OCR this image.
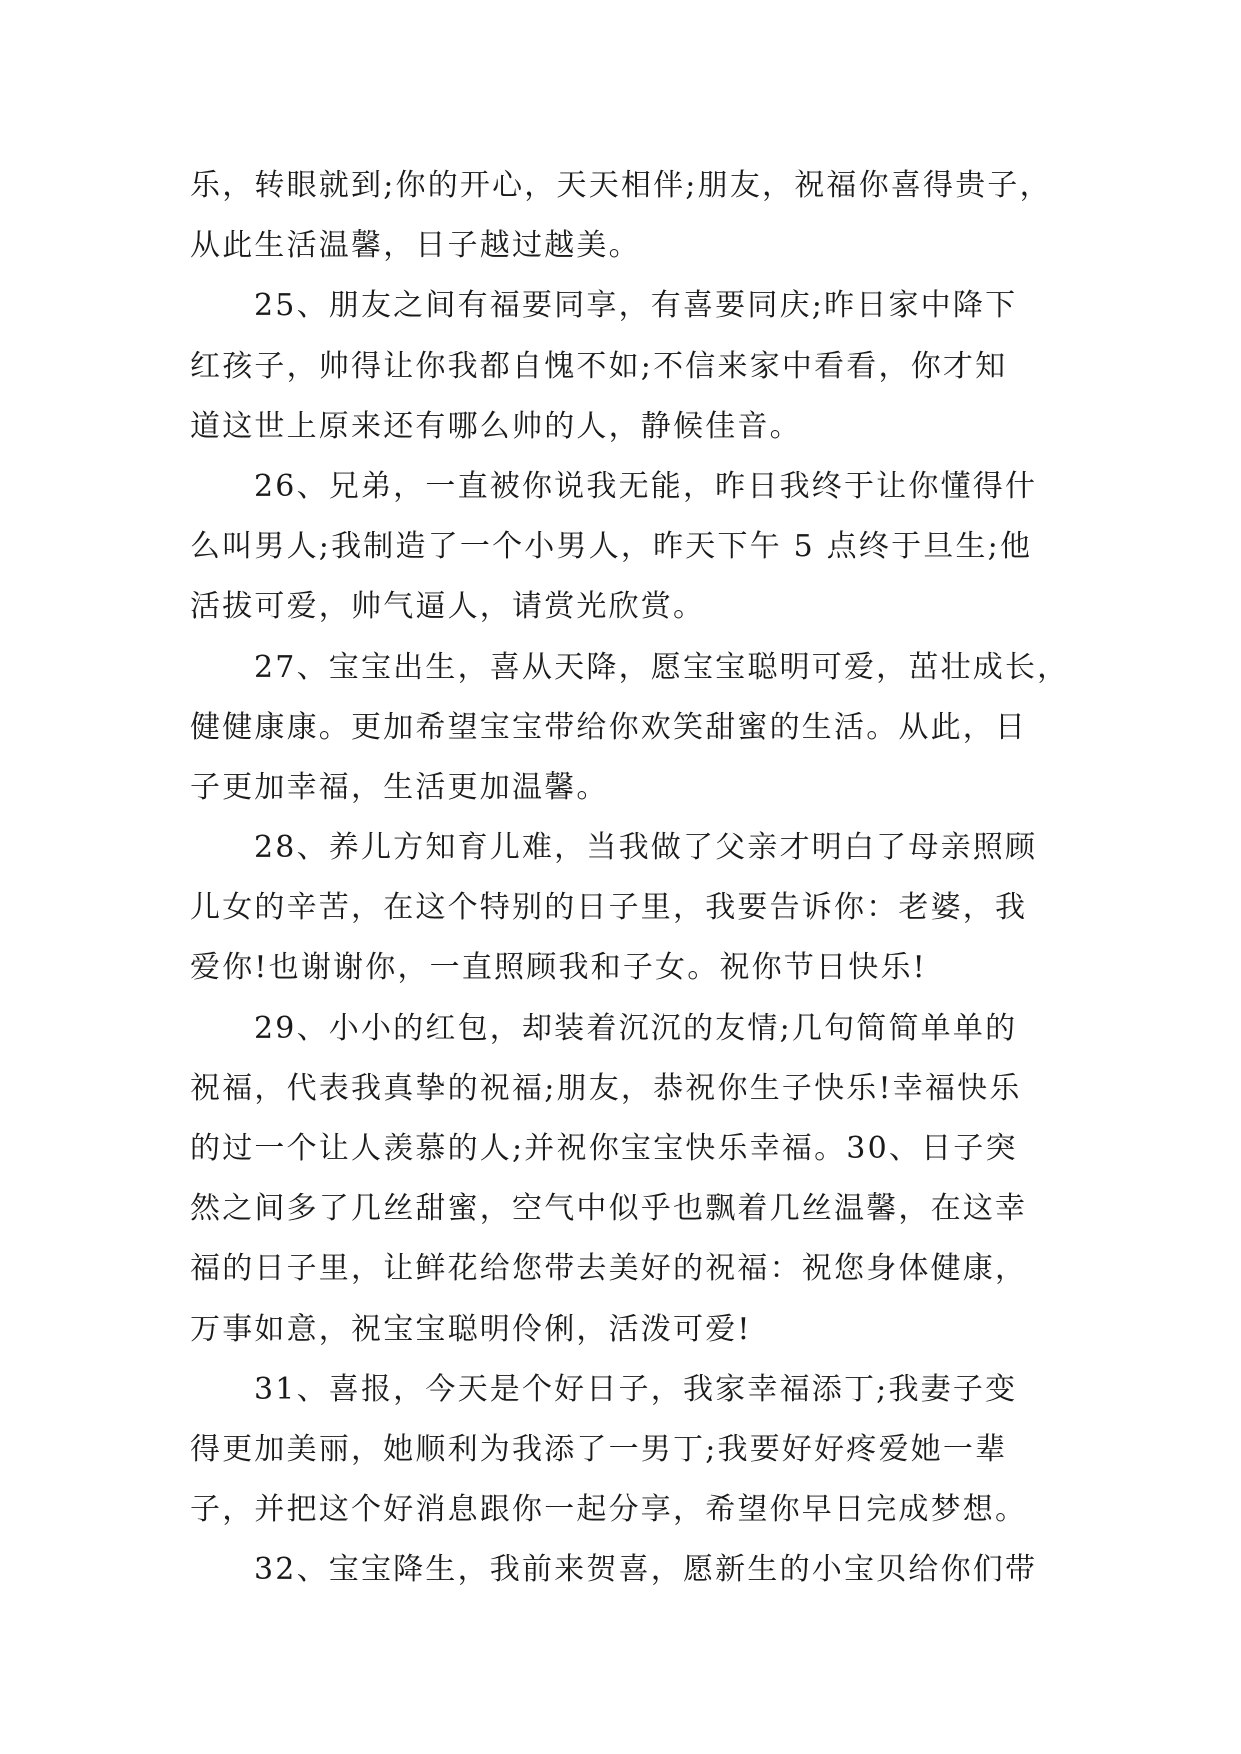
乐，转眼就到;你的开心，天天相伴;朋友，祝福你喜得贵子，
从此生活温馨，日子越过越美。
25、朋友之间有福要同享，有喜要同庆;昨日家中降下
红孩子，帅得让你我都自愧不如;不信来家中看看，你才知
道这世上原来还有哪么帅的人，静候佳音。
26、兄弟，一直被你说我无能，昨日我终于让你懂得什
么叫男人;我制造了一个小男人，昨天下午 5 点终于旦生;他
活拔可爱，帅气逼人，请赏光欣赏。
27、宝宝出生，喜从天降，愿宝宝聪明可爱，茁壮成长，
健健康康。更加希望宝宝带给你欢笑甜蜜的生活。从此，日
子更加幸福，生活更加温馨。
28、养儿方知育儿难，当我做了父亲才明白了母亲照顾
儿女的辛苦，在这个特别的日子里，我要告诉你：老婆，我
爱你!也谢谢你，一直照顾我和子女。祝你节日快乐!
29、小小的红包，却装着沉沉的友情;几句简简单单的
祝福，代表我真挚的祝福;朋友，恭祝你生子快乐!幸福快乐
的过一个让人羡慕的人;并祝你宝宝快乐幸福。30、日子突
然之间多了几丝甜蜜，空气中似乎也飘着几丝温馨，在这幸
福的日子里，让鲜花给您带去美好的祝福：祝您身体健康，
万事如意，祝宝宝聪明伶俐，活泼可爱!
31、喜报，今天是个好日子，我家幸福添丁;我妻子变
得更加美丽，她顺利为我添了一男丁;我要好好疼爱她一辈
子，并把这个好消息跟你一起分享，希望你早日完成梦想。
32、宝宝降生，我前来贺喜，愿新生的小宝贝给你们带
